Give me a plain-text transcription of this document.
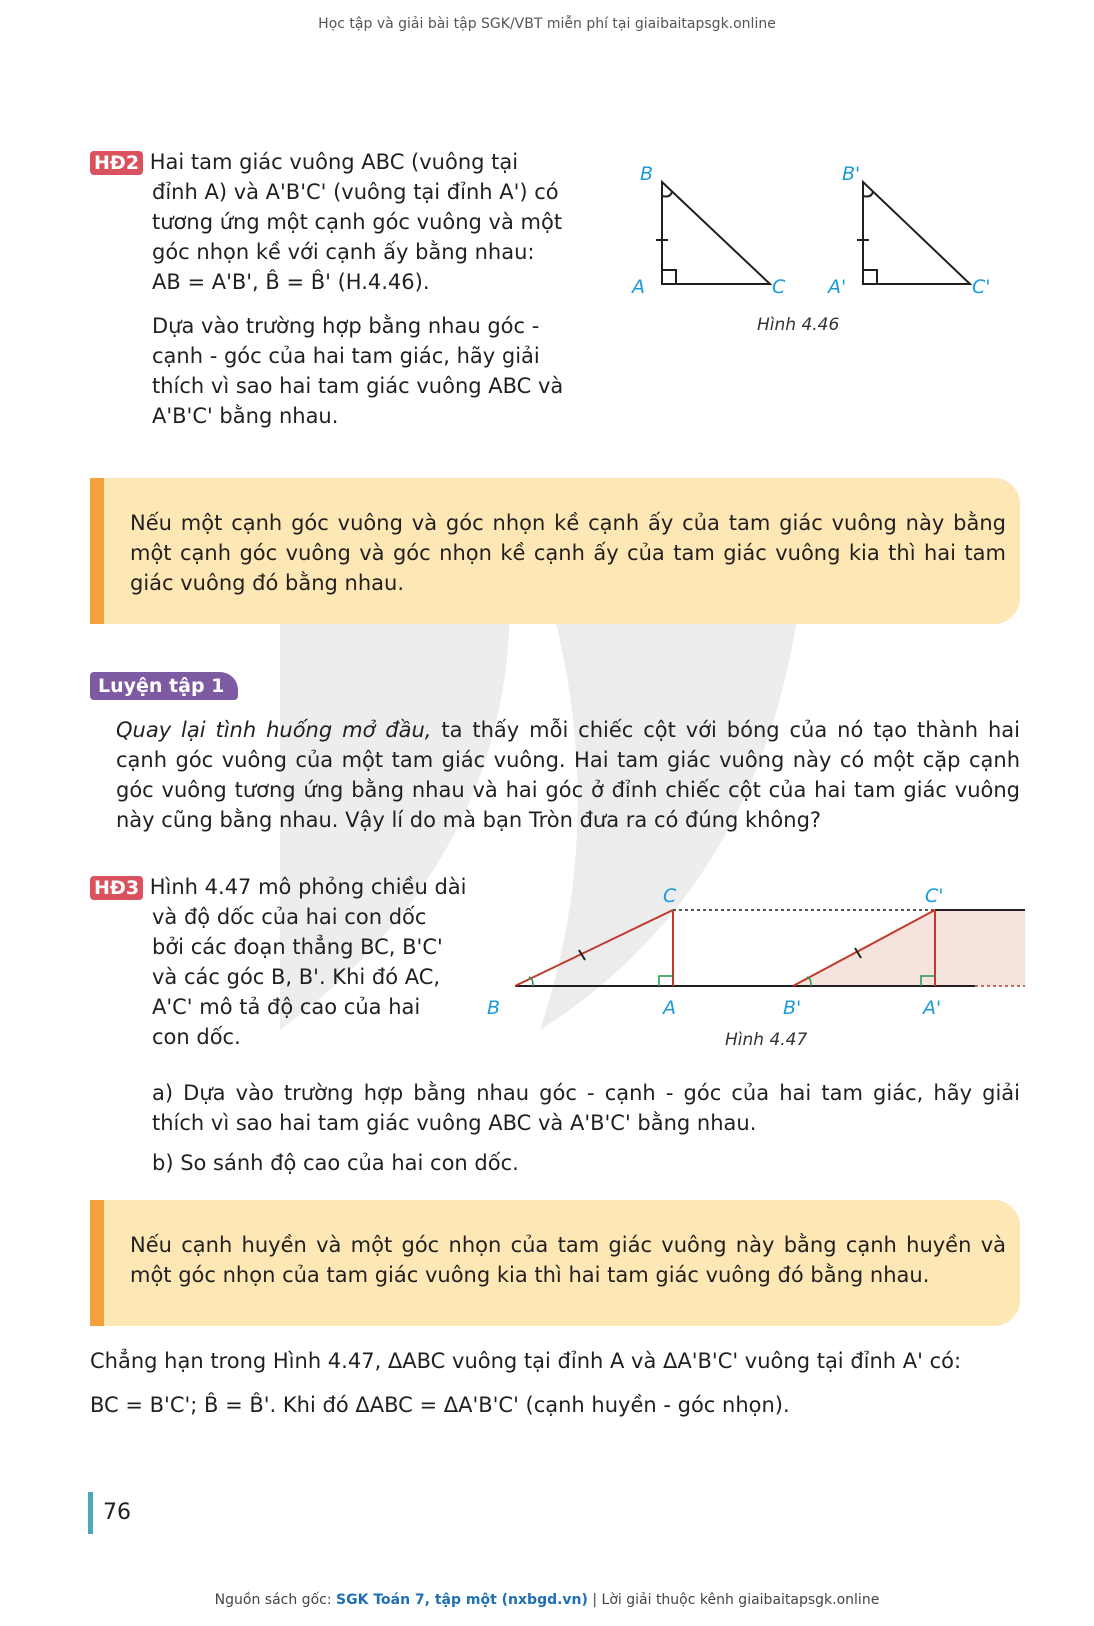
Học tập và giải bài tập SGK/VBT miễn phí tại giaibaitapsgk.online
HĐ2 Hai tam giác vuông ABC (vuông tại
đỉnh A) và A'B'C' (vuông tại đỉnh A') có
tương ứng một cạnh góc vuông và một
góc nhọn kề với cạnh ấy bằng nhau:
AB = A'B', B̂ = B̂' (H.4.46).
Dựa vào trường hợp bằng nhau góc -
cạnh - góc của hai tam giác, hãy giải
thích vì sao hai tam giác vuông ABC và
A'B'C' bằng nhau.
B
A	C
B'
A'	C'
Hình 4.46
Nếu một cạnh góc vuông và góc nhọn kề cạnh ấy của tam giác vuông này bằng một cạnh góc vuông và góc nhọn kề cạnh ấy của tam giác vuông kia thì hai tam giác vuông đó bằng nhau.
Luyện tập 1
Quay lại tình huống mở đầu, ta thấy mỗi chiếc cột với bóng của nó tạo thành hai cạnh góc vuông của một tam giác vuông. Hai tam giác vuông này có một cặp cạnh góc vuông tương ứng bằng nhau và hai góc ở đỉnh chiếc cột của hai tam giác vuông này cũng bằng nhau. Vậy lí do mà bạn Tròn đưa ra có đúng không?
HĐ3 Hình 4.47 mô phỏng chiều dài
và độ dốc của hai con dốc
bởi các đoạn thẳng BC, B'C'
và các góc B, B'. Khi đó AC,
A'C' mô tả độ cao của hai
con dốc.
C
B	A
C'
B'	A'
Hình 4.47
a) Dựa vào trường hợp bằng nhau góc - cạnh - góc của hai tam giác, hãy giải thích vì sao hai tam giác vuông ABC và A'B'C' bằng nhau.
b) So sánh độ cao của hai con dốc.
Nếu cạnh huyền và một góc nhọn của tam giác vuông này bằng cạnh huyền và một góc nhọn của tam giác vuông kia thì hai tam giác vuông đó bằng nhau.
Chẳng hạn trong Hình 4.47, ΔABC vuông tại đỉnh A và ΔA'B'C' vuông tại đỉnh A' có:
BC = B'C'; B̂ = B̂'. Khi đó ΔABC = ΔA'B'C' (cạnh huyền - góc nhọn).
76
Nguồn sách gốc: SGK Toán 7, tập một (nxbgd.vn) | Lời giải thuộc kênh giaibaitapsgk.online
